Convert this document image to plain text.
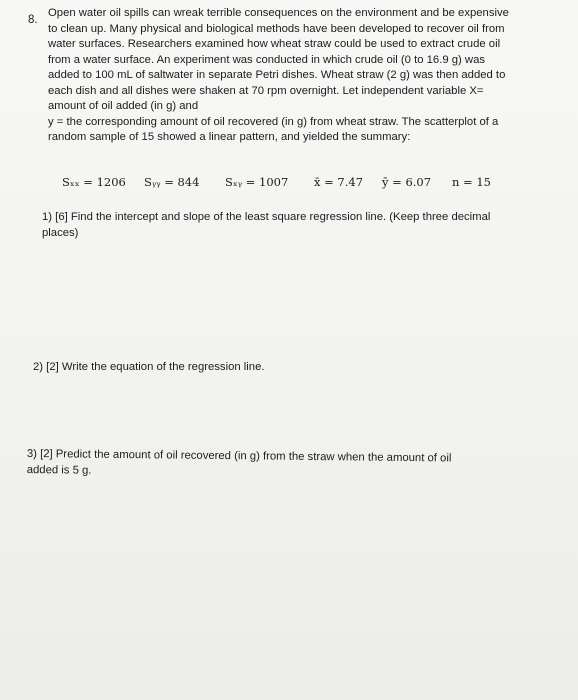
8.
Open water oil spills can wreak terrible consequences on the environment and be expensive
to clean up. Many physical and biological methods have been developed to recover oil from
water surfaces. Researchers examined how wheat straw could be used to extract crude oil
from a water surface. An experiment was conducted in which crude oil (0 to 16.9 g) was
added to 100 mL of saltwater in separate Petri dishes. Wheat straw (2 g) was then added to
each dish and all dishes were shaken at 70 rpm overnight. Let independent variable X=
amount of oil added (in g) and
y = the corresponding amount of oil recovered (in g) from wheat straw. The scatterplot of a
random sample of 15 showed a linear pattern, and yielded the summary:
Sₓₓ = 1206 Sᵧᵧ = 844 Sₓᵧ = 1007 x̄ = 7.47 ȳ = 6.07 n = 15
1) [6] Find the intercept and slope of the least square regression line. (Keep three decimal
places)
2) [2] Write the equation of the regression line.
3) [2] Predict the amount of oil recovered (in g) from the straw when the amount of oil
added is 5 g.
